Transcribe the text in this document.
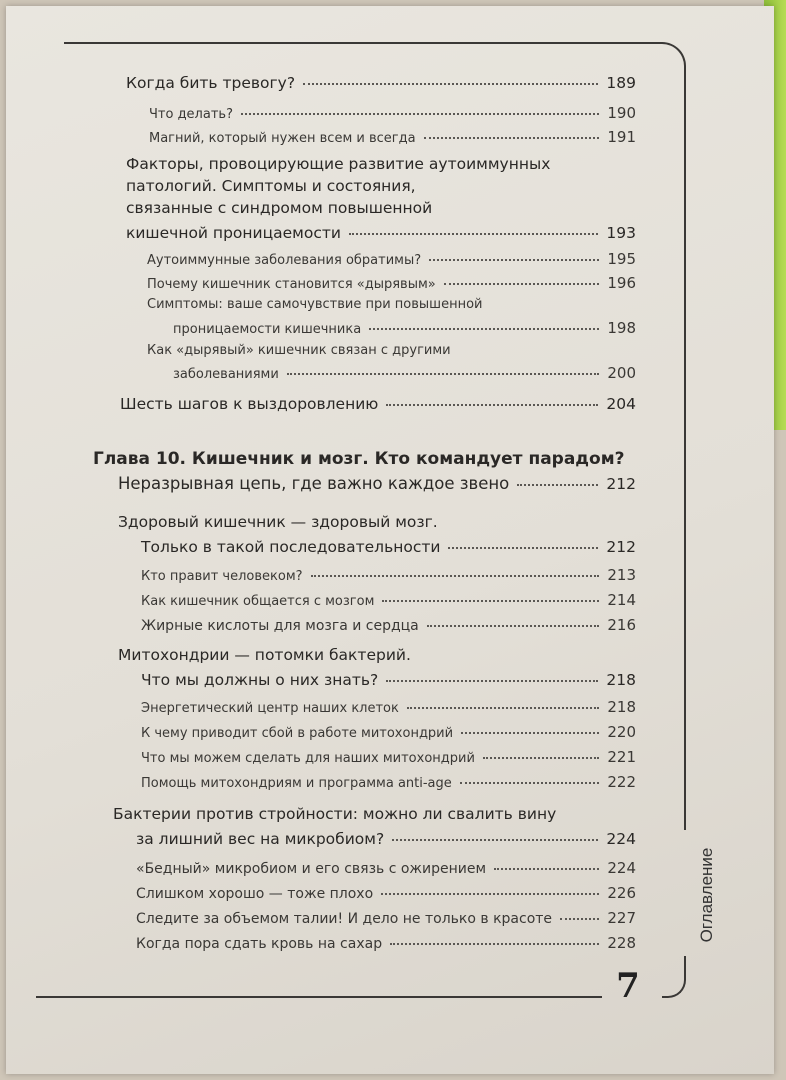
7
Оглавление
Когда бить тревогу?	189
Что делать?	190
Магний, который нужен всем и всегда	191
Факторы, провоцирующие развитие аутоиммунных
патологий. Симптомы и состояния,
связанные с синдромом повышенной
кишечной проницаемости	193
Аутоиммунные заболевания обратимы?	195
Почему кишечник становится «дырявым»	196
Симптомы: ваше самочувствие при повышенной
проницаемости кишечника	198
Как «дырявый» кишечник связан с другими
заболеваниями	200
Шесть шагов к выздоровлению	204
Глава 10. Кишечник и мозг. Кто командует парадом?
Неразрывная цепь, где важно каждое звено	212
Здоровый кишечник — здоровый мозг.
Только в такой последовательности	212
Кто правит человеком?	213
Как кишечник общается с мозгом	214
Жирные кислоты для мозга и сердца	216
Митохондрии — потомки бактерий.
Что мы должны о них знать?	218
Энергетический центр наших клеток	218
К чему приводит сбой в работе митохондрий	220
Что мы можем сделать для наших митохондрий	221
Помощь митохондриям и программа anti-age	222
Бактерии против стройности: можно ли свалить вину
за лишний вес на микробиом?	224
«Бедный» микробиом и его связь с ожирением	224
Слишком хорошо — тоже плохо	226
Следите за объемом талии! И дело не только в красоте	227
Когда пора сдать кровь на сахар	228
